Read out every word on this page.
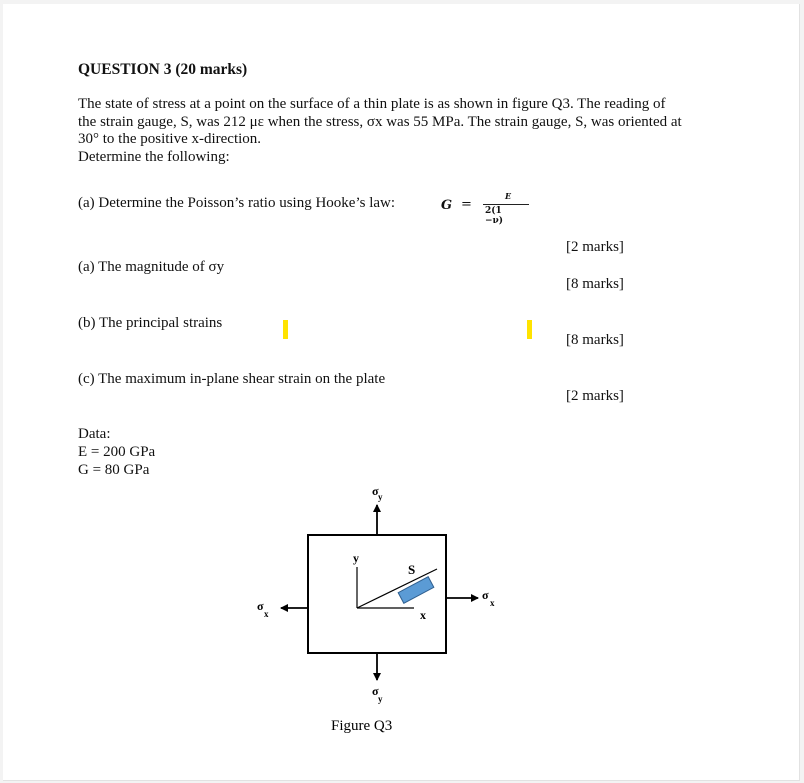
QUESTION 3 (20 marks)
The state of stress at a point on the surface of a thin plate is as shown in figure Q3. The reading of
the strain gauge, S, was 212 με when the stress, σx was 55 MPa. The strain gauge, S, was oriented at
30° to the positive x-direction.
Determine the following:
(a) Determine the Poisson’s ratio using Hooke’s law:	G =
E
2(1 −ν)
[2 marks]
(a) The magnitude of σy
[8 marks]
(b) The principal strains
[8 marks]
(c) The maximum in-plane shear strain on the plate
[2 marks]
Data:
E = 200 GPa
G = 80 GPa
σ y
y
x
S
σ
x
σ
x
σ
y
Figure Q3
